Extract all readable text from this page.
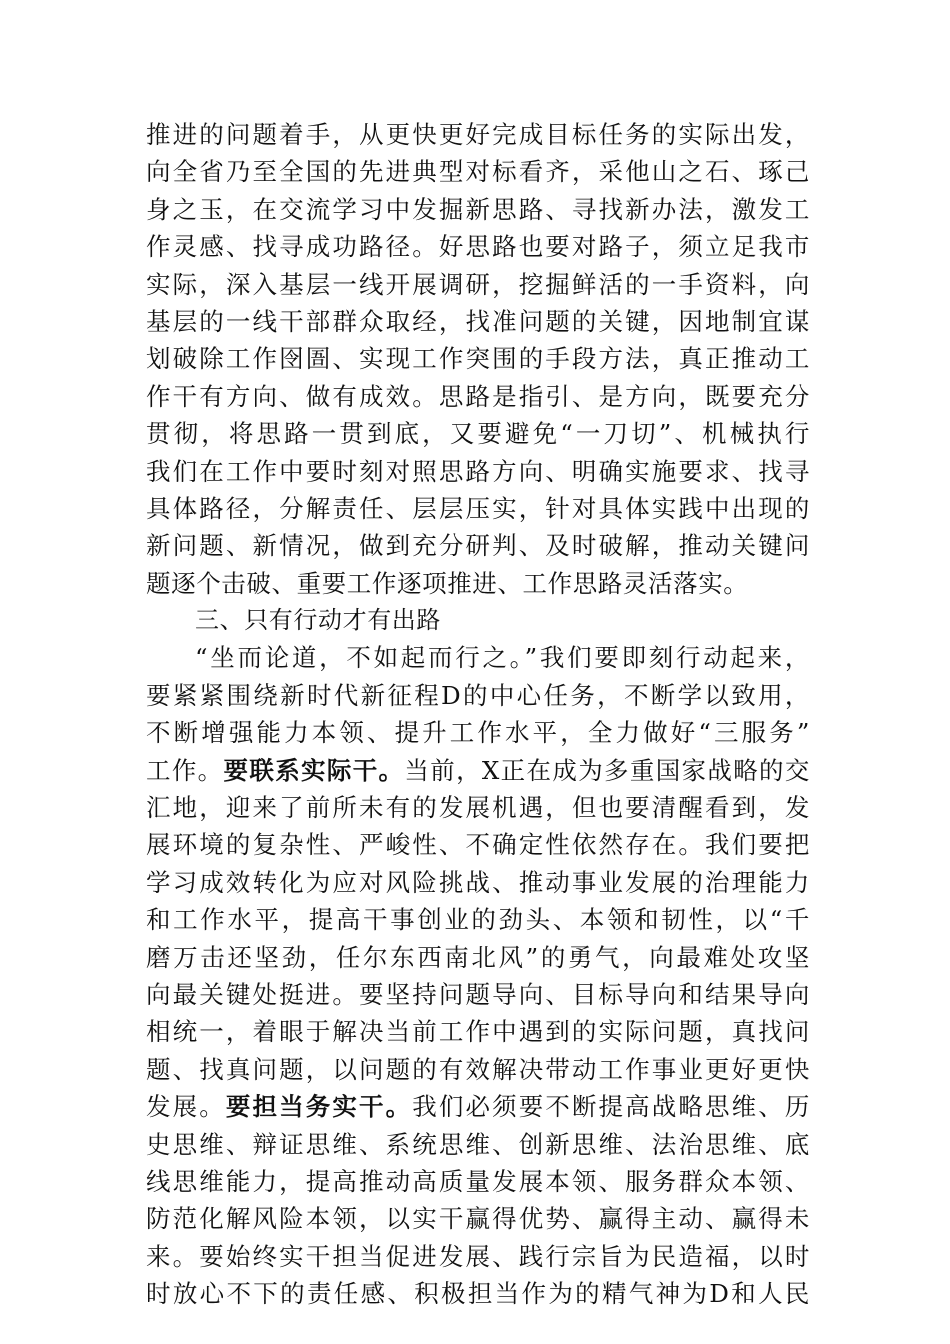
推进的问题着手，从更快更好完成目标任务的实际出发，
向全省乃至全国的先进典型对标看齐，采他山之石、琢己
身之玉，在交流学习中发掘新思路、寻找新办法，激发工
作灵感、找寻成功路径。好思路也要对路子，须立足我市
实际，深入基层一线开展调研，挖掘鲜活的一手资料，向
基层的一线干部群众取经，找准问题的关键，因地制宜谋
划破除工作囹圄、实现工作突围的手段方法，真正推动工
作干有方向、做有成效。思路是指引、是方向，既要充分
贯彻，将思路一贯到底，又要避免“一刀切”、机械执行
我们在工作中要时刻对照思路方向、明确实施要求、找寻
具体路径，分解责任、层层压实，针对具体实践中出现的
新问题、新情况，做到充分研判、及时破解，推动关键问
题逐个击破、重要工作逐项推进、工作思路灵活落实。
三、只有行动才有出路
“坐而论道，不如起而行之。”我们要即刻行动起来，
要紧紧围绕新时代新征程D的中心任务，不断学以致用，
不断增强能力本领、提升工作水平，全力做好“三服务”
工作。要联系实际干。当前，X正在成为多重国家战略的交
汇地，迎来了前所未有的发展机遇，但也要清醒看到，发
展环境的复杂性、严峻性、不确定性依然存在。我们要把
学习成效转化为应对风险挑战、推动事业发展的治理能力
和工作水平，提高干事创业的劲头、本领和韧性，以“千
磨万击还坚劲，任尔东西南北风”的勇气，向最难处攻坚
向最关键处挺进。要坚持问题导向、目标导向和结果导向
相统一，着眼于解决当前工作中遇到的实际问题，真找问
题、找真问题，以问题的有效解决带动工作事业更好更快
发展。要担当务实干。我们必须要不断提高战略思维、历
史思维、辩证思维、系统思维、创新思维、法治思维、底
线思维能力，提高推动高质量发展本领、服务群众本领、
防范化解风险本领，以实干赢得优势、赢得主动、赢得未
来。要始终实干担当促进发展、践行宗旨为民造福，以时
时放心不下的责任感、积极担当作为的精气神为D和人民
